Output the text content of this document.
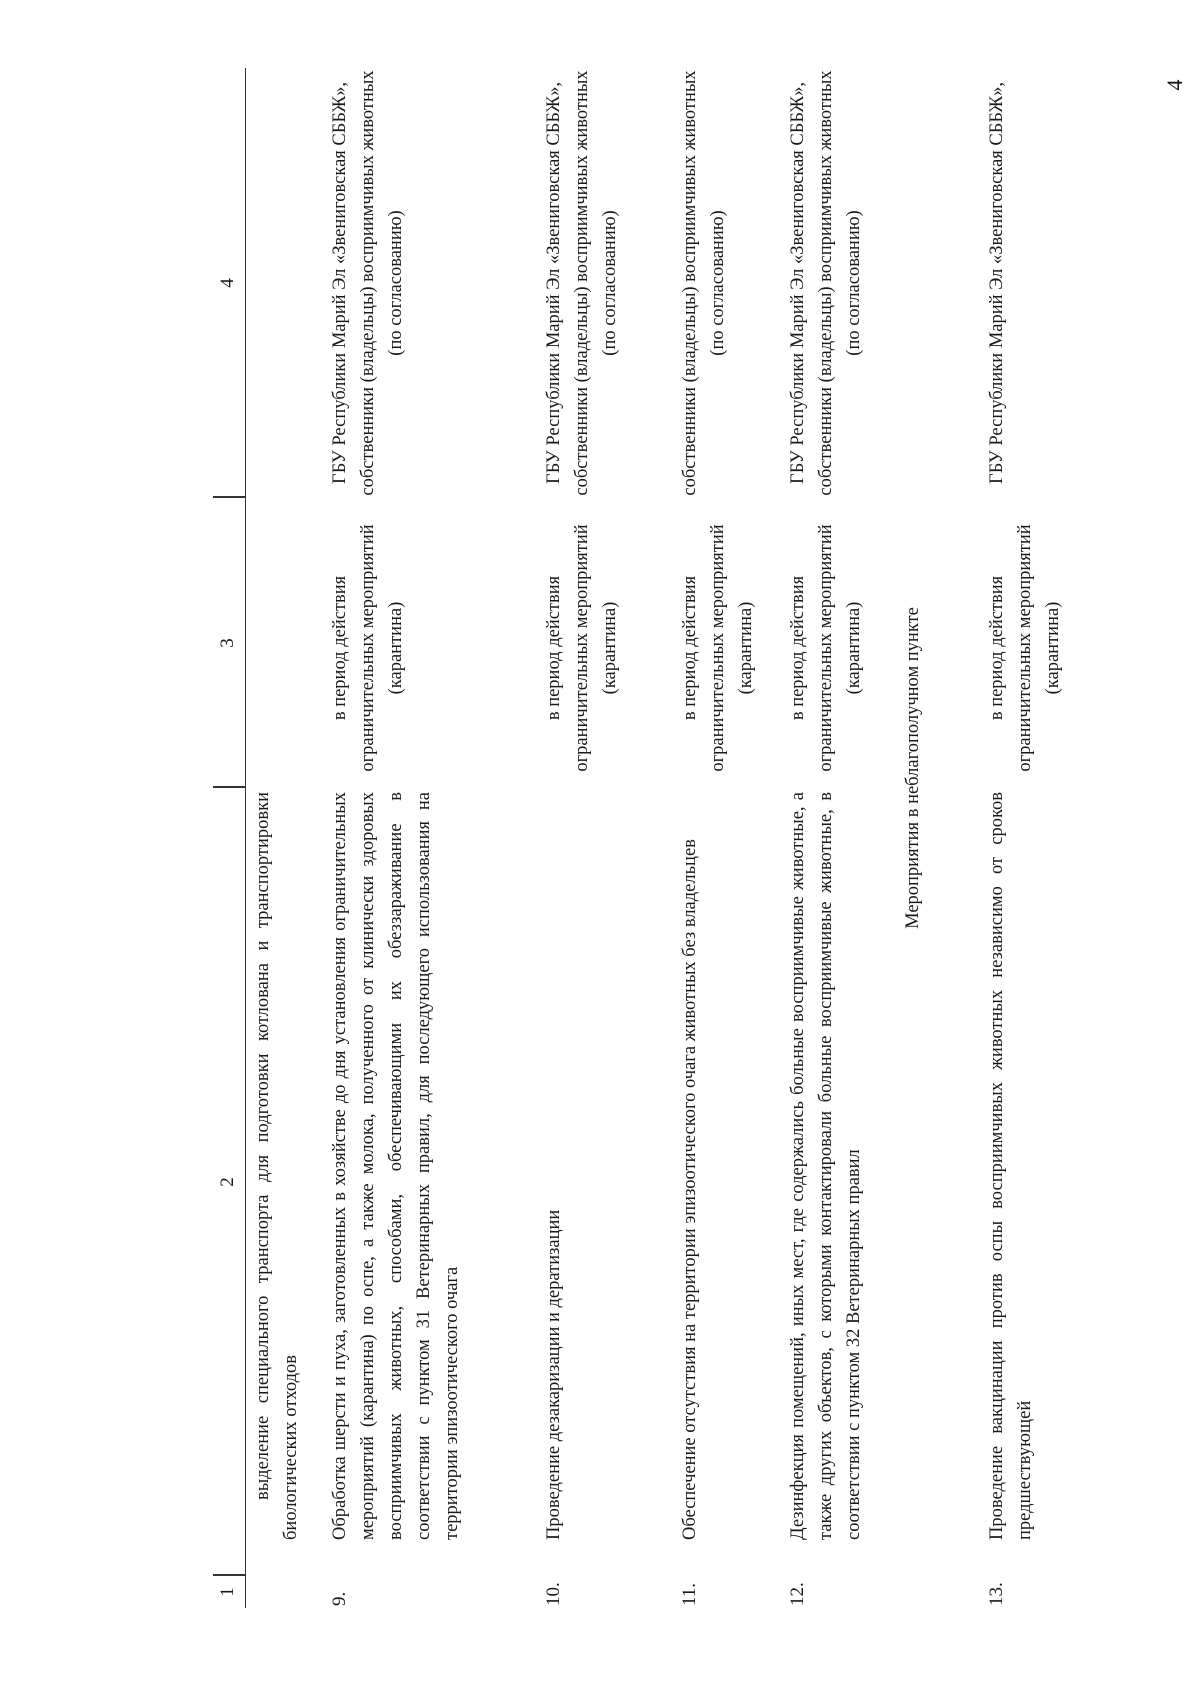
4
1
2
3
4
выделение специального транспорта для подготовки котлована и транспортировки биологических отходов
9.
Обработка шерсти и пуха, заготовленных в хозяйстве до дня установления ограничительных мероприятий (карантина) по оспе, а также молока, полученного от клинически здоровых восприимчивых животных, способами, обеспечивающими их обеззараживание в соответствии с пунктом 31 Ветеринарных правил, для последующего использования на территории эпизоотического очага
в период действия ограничительных мероприятий (карантина)
ГБУ Республики Марий Эл «Звениговская СББЖ», собственники (владельцы) восприимчивых животных (по согласованию)
10.
Проведение дезакаризации и дератизации
в период действия ограничительных мероприятий (карантина)
ГБУ Республики Марий Эл «Звениговская СББЖ», собственники (владельцы) восприимчивых животных (по согласованию)
11.
Обеспечение отсутствия на территории эпизоотического очага животных без владельцев
в период действия ограничительных мероприятий (карантина)
собственники (владельцы) восприимчивых животных (по согласованию)
12.
Дезинфекция помещений, иных мест, где содержались больные восприимчивые животные, а также других объектов, с которыми контактировали больные восприимчивые животные, в соответствии с пунктом 32 Ветеринарных правил
в период действия ограничительных мероприятий (карантина)
ГБУ Республики Марий Эл «Звениговская СББЖ», собственники (владельцы) восприимчивых животных (по согласованию)
Мероприятия в неблагополучном пункте
13.
Проведение вакцинации против оспы восприимчивых животных независимо от сроков предшествующей
в период действия ограничительных мероприятий (карантина)
ГБУ Республики Марий Эл «Звениговская СББЖ»,
